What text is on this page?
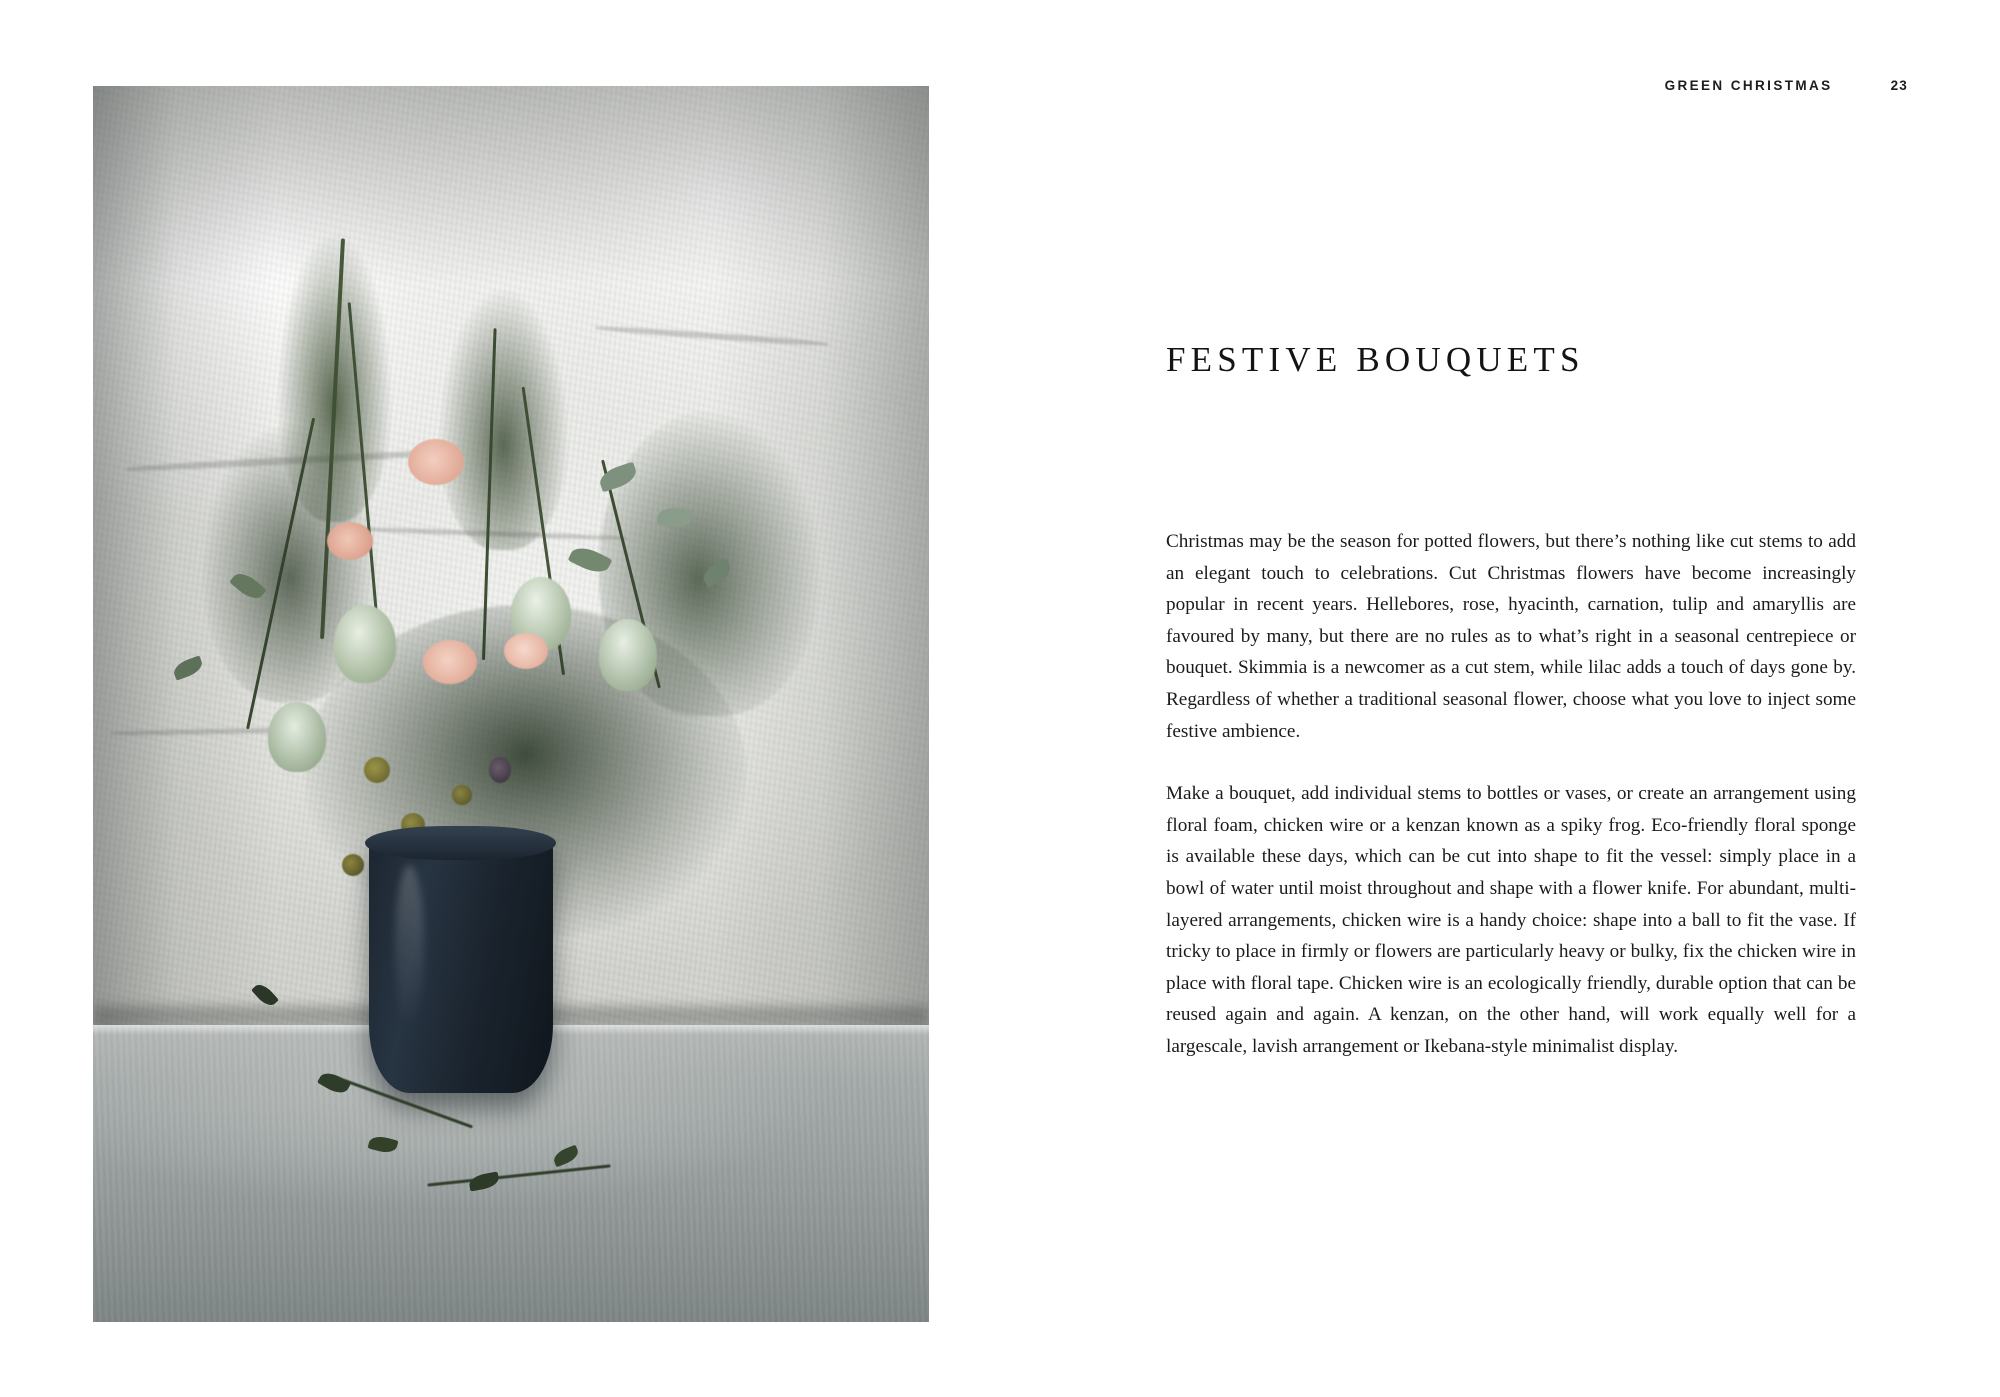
GREEN CHRISTMAS	23
FESTIVE BOUQUETS

Christmas may be the season for potted flowers, but there’s nothing like cut stems to add an elegant touch to celebrations. Cut Christmas flowers have become increasingly popular in recent years. Hellebores, rose, hyacinth, carnation, tulip and amaryllis are favoured by many, but there are no rules as to what’s right in a seasonal centrepiece or bouquet. Skimmia is a newcomer as a cut stem, while lilac adds a touch of days gone by. Regardless of whether a traditional seasonal flower, choose what you love to inject some festive ambience.

Make a bouquet, add individual stems to bottles or vases, or create an arrangement using floral foam, chicken wire or a kenzan known as a spiky frog. Eco-friendly floral sponge is available these days, which can be cut into shape to fit the vessel: simply place in a bowl of water until moist throughout and shape with a flower knife. For abundant, multi-layered arrangements, chicken wire is a handy choice: shape into a ball to fit the vase. If tricky to place in firmly or flowers are particularly heavy or bulky, fix the chicken wire in place with floral tape. Chicken wire is an ecologically friendly, durable option that can be reused again and again. A kenzan, on the other hand, will work equally well for a largescale, lavish arrangement or Ikebana-style minimalist display.
